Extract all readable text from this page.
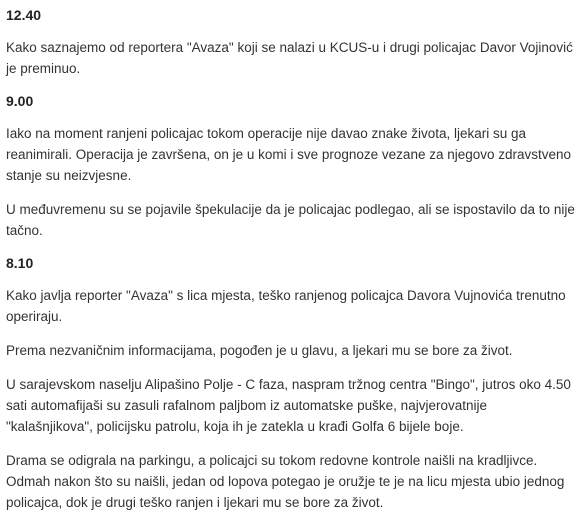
12.40

Kako saznajemo od reportera "Avaza" koji se nalazi u KCUS-u i drugi policajac Davor Vojinović je preminuo.

9.00

Iako na moment ranjeni policajac tokom operacije nije davao znake života, ljekari su ga reanimirali. Operacija je završena, on je u komi i sve prognoze vezane za njegovo zdravstveno stanje su neizvjesne.

U međuvremenu su se pojavile špekulacije da je policajac podlegao, ali se ispostavilo da to nije tačno.

8.10

Kako javlja reporter "Avaza" s lica mjesta, teško ranjenog policajca Davora Vujnovića trenutno operiraju.

Prema nezvaničnim informacijama, pogođen je u glavu, a ljekari mu se bore za život.

U sarajevskom naselju Alipašino Polje - C faza, naspram tržnog centra "Bingo", jutros oko 4.50 sati automafijaši su zasuli rafalnom paljbom iz automatske puške, najvjerovatnije "kalašnjikova", policijsku patrolu, koja ih je zatekla u krađi Golfa 6 bijele boje.

Drama se odigrala na parkingu, a policajci su tokom redovne kontrole naišli na kradljivce. Odmah nakon što su naišli, jedan od lopova potegao je oružje te je na licu mjesta ubio jednog policajca, dok je drugi teško ranjen i ljekari mu se bore za život.
